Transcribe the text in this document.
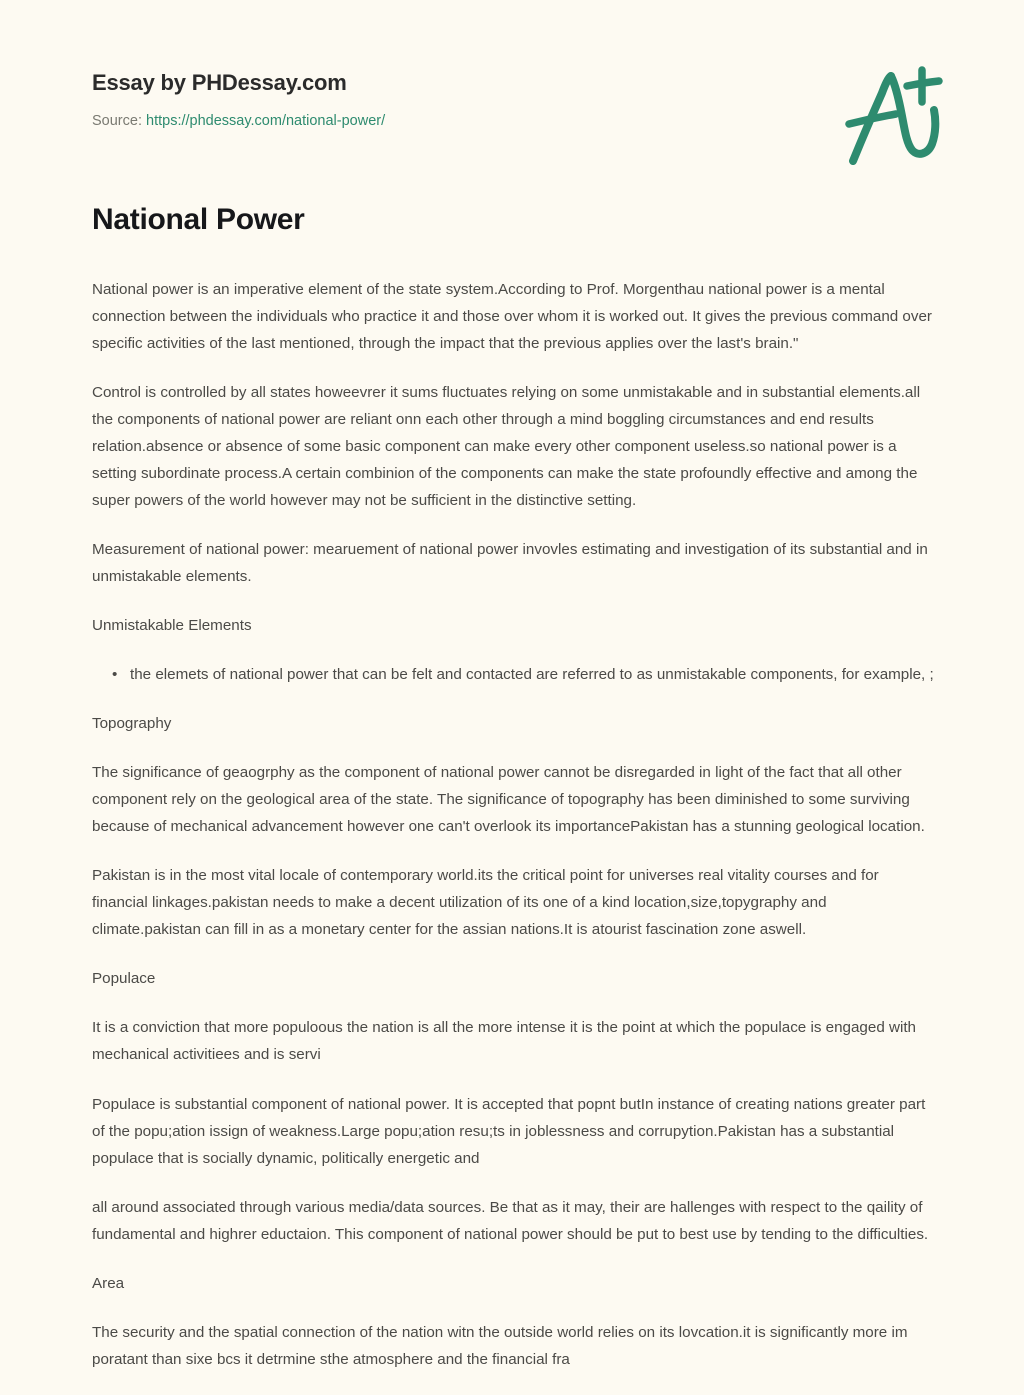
Essay by PHDessay.com
Source: https://phdessay.com/national-power/
National Power

National power is an imperative element of the state system.According to Prof. Morgenthau national power is a mental connection between the individuals who practice it and those over whom it is worked out. It gives the previous command over specific activities of the last mentioned, through the impact that the previous applies over the last's brain."

Control is controlled by all states howeevrer it sums fluctuates relying on some unmistakable and in substantial elements.all the components of national power are reliant onn each other through a mind boggling circumstances and end results relation.absence or absence of some basic component can make every other component useless.so national power is a setting subordinate process.A certain combinion of the components can make the state profoundly effective and among the super powers of the world however may not be sufficient in the distinctive setting.

Measurement of national power: mearuement of national power invovles estimating and investigation of its substantial and in unmistakable elements.

Unmistakable Elements
• the elemets of national power that can be felt and contacted are referred to as unmistakable components, for example, ;
Topography

The significance of geaogrphy as the component of national power cannot be disregarded in light of the fact that all other component rely on the geological area of the state. The significance of topography has been diminished to some surviving because of mechanical advancement however one can't overlook its importancePakistan has a stunning geological location.

Pakistan is in the most vital locale of contemporary world.its the critical point for universes real vitality courses and for financial linkages.pakistan needs to make a decent utilization of its one of a kind location,size,topygraphy and climate.pakistan can fill in as a monetary center for the assian nations.It is atourist fascination zone aswell.

Populace

It is a conviction that more populoous the nation is all the more intense it is the point at which the populace is engaged with mechanical activitiees and is servi

Populace is substantial component of national power. It is accepted that popnt butIn instance of creating nations greater part of the popu;ation issign of weakness.Large popu;ation resu;ts in joblessness and corrupytion.Pakistan has a substantial populace that is socially dynamic, politically energetic and

all around associated through various media/data sources. Be that as it may, their are hallenges with respect to the qaility of fundamental and highrer eductaion. This component of national power should be put to best use by tending to the difficulties.

Area

The security and the spatial connection of the nation witn the outside world relies on its lovcation.it is significantly more im poratant than sixe bcs it detrmine sthe atmosphere and the financial fra
